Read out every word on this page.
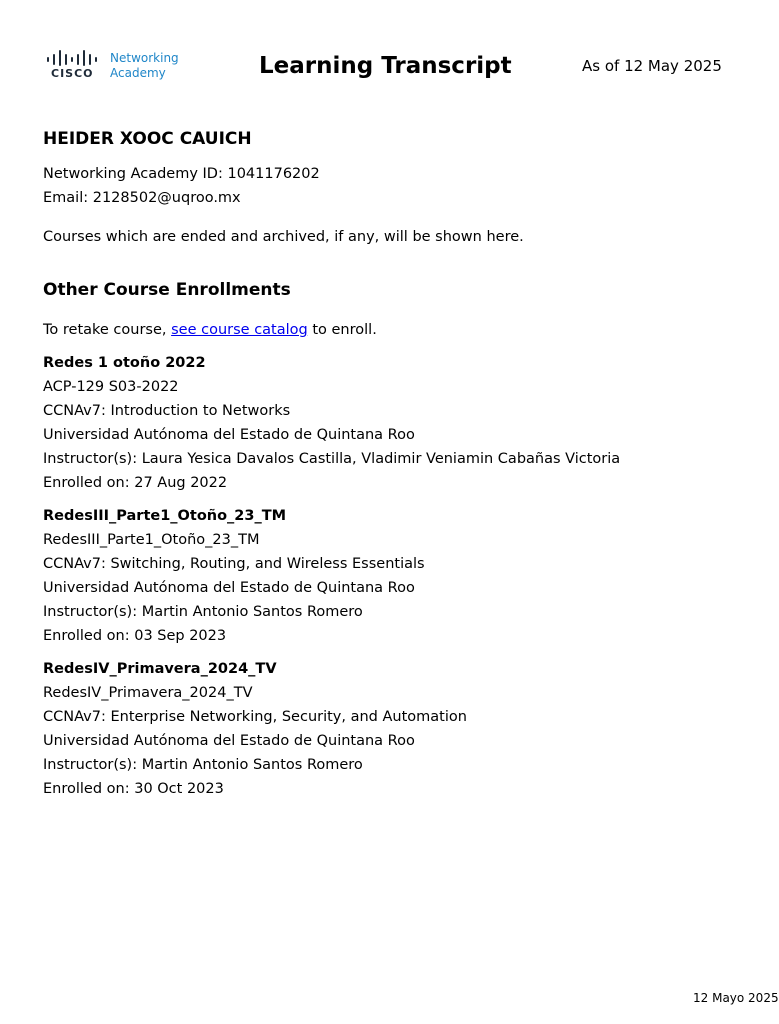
CISCO
Networking
Academy	Learning Transcript	As of 12 May 2025
HEIDER XOOC CAUICH
Networking Academy ID: 1041176202
Email: 2128502@uqroo.mx
Courses which are ended and archived, if any, will be shown here.
Other Course Enrollments
To retake course, see course catalog to enroll.
Redes 1 otoño 2022
ACP-129 S03-2022
CCNAv7: Introduction to Networks
Universidad Autónoma del Estado de Quintana Roo
Instructor(s): Laura Yesica Davalos Castilla, Vladimir Veniamin Cabañas Victoria
Enrolled on: 27 Aug 2022
RedesIII_Parte1_Otoño_23_TM
RedesIII_Parte1_Otoño_23_TM
CCNAv7: Switching, Routing, and Wireless Essentials
Universidad Autónoma del Estado de Quintana Roo
Instructor(s): Martin Antonio Santos Romero
Enrolled on: 03 Sep 2023
RedesIV_Primavera_2024_TV
RedesIV_Primavera_2024_TV
CCNAv7: Enterprise Networking, Security, and Automation
Universidad Autónoma del Estado de Quintana Roo
Instructor(s): Martin Antonio Santos Romero
Enrolled on: 30 Oct 2023
12 Mayo 2025
